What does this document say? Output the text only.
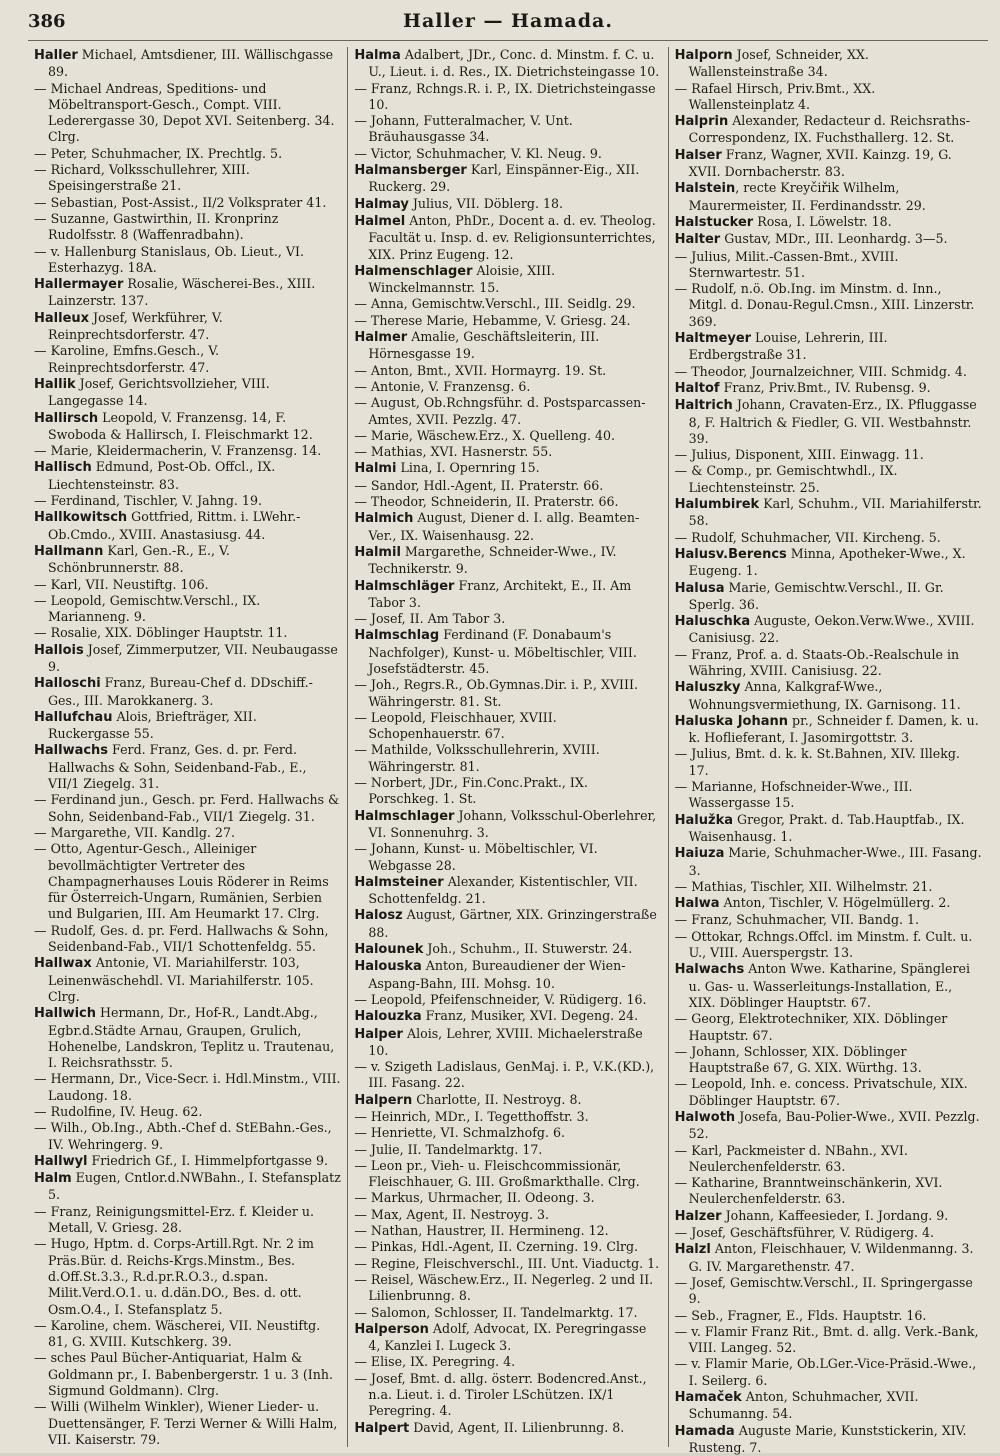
386	Haller — Hamada.
Haller Michael, Amtsdiener, III. Wällischgasse 89.
— Michael Andreas, Speditions- und Möbeltransport-Gesch., Compt. VIII. Lederergasse 30, Depot XVI. Seitenberg. 34. Clrg.
— Peter, Schuhmacher, IX. Prechtlg. 5.
— Richard, Volksschullehrer, XIII. Speisingerstraße 21.
— Sebastian, Post-Assist., II/2 Volksprater 41.
— Suzanne, Gastwirthin, II. Kronprinz Rudolfsstr. 8 (Waffenradbahn).
— v. Hallenburg Stanislaus, Ob. Lieut., VI. Esterhazyg. 18A.
Hallermayer Rosalie, Wäscherei-Bes., XIII. Lainzerstr. 137.
Halleux Josef, Werkführer, V. Reinprechtsdorferstr. 47.
— Karoline, Emfns.Gesch., V. Reinprechtsdorferstr. 47.
Hallik Josef, Gerichtsvollzieher, VIII. Langegasse 14.
Hallirsch Leopold, V. Franzensg. 14, F. Swoboda & Hallirsch, I. Fleischmarkt 12.
— Marie, Kleidermacherin, V. Franzensg. 14.
Hallisch Edmund, Post-Ob. Offcl., IX. Liechtensteinstr. 83.
— Ferdinand, Tischler, V. Jahng. 19.
Hallkowitsch Gottfried, Rittm. i. LWehr.-Ob.Cmdo., XVIII. Anastasiusg. 44.
Hallmann Karl, Gen.-R., E., V. Schönbrunnerstr. 88.
— Karl, VII. Neustiftg. 106.
— Leopold, Gemischtw.Verschl., IX. Marianneng. 9.
— Rosalie, XIX. Döblinger Hauptstr. 11.
Hallois Josef, Zimmerputzer, VII. Neubaugasse 9.
Halloschi Franz, Bureau-Chef d. DDschiff.-Ges., III. Marokkanerg. 3.
Hallufchau Alois, Briefträger, XII. Ruckergasse 55.
Hallwachs Ferd. Franz, Ges. d. pr. Ferd. Hallwachs & Sohn, Seidenband-Fab., E., VII/1 Ziegelg. 31.
— Ferdinand jun., Gesch. pr. Ferd. Hallwachs & Sohn, Seidenband-Fab., VII/1 Ziegelg. 31.
— Margarethe, VII. Kandlg. 27.
— Otto, Agentur-Gesch., Alleiniger bevollmächtigter Vertreter des Champagnerhauses Louis Röderer in Reims für Österreich-Ungarn, Rumänien, Serbien und Bulgarien, III. Am Heumarkt 17. Clrg.
— Rudolf, Ges. d. pr. Ferd. Hallwachs & Sohn, Seidenband-Fab., VII/1 Schottenfeldg. 55.
Hallwax Antonie, VI. Mariahilferstr. 103, Leinenwäschehdl. VI. Mariahilferstr. 105. Clrg.
Hallwich Hermann, Dr., Hof-R., Landt.Abg., Egbr.d.Städte Arnau, Graupen, Grulich, Hohenelbe, Landskron, Teplitz u. Trautenau, I. Reichsrathsstr. 5.
— Hermann, Dr., Vice-Secr. i. Hdl.Minstm., VIII. Laudong. 18.
— Rudolfine, IV. Heug. 62.
— Wilh., Ob.Ing., Abth.-Chef d. StEBahn.-Ges., IV. Wehringerg. 9.
Hallwyl Friedrich Gf., I. Himmelpfortgasse 9.
Halm Eugen, Cntlor.d.NWBahn., I. Stefansplatz 5.
— Franz, Reinigungsmittel-Erz. f. Kleider u. Metall, V. Griesg. 28.
— Hugo, Hptm. d. Corps-Artill.Rgt. Nr. 2 im Präs.Bür. d. Reichs-Krgs.Minstm., Bes. d.Off.St.3.3., R.d.pr.R.O.3., d.span. Milit.Verd.O.1. u. d.dän.DO., Bes. d. ott. Osm.O.4., I. Stefansplatz 5.
— Karoline, chem. Wäscherei, VII. Neustiftg. 81, G. XVIII. Kutschkerg. 39.
— sches Paul Bücher-Antiquariat, Halm & Goldmann pr., I. Babenbergerstr. 1 u. 3 (Inh. Sigmund Goldmann). Clrg.
— Willi (Wilhelm Winkler), Wiener Lieder- u. Duettensänger, F. Terzi Werner & Willi Halm, VII. Kaiserstr. 79.
Halma Adalbert, JDr., Conc. d. Minstm. f. C. u. U., Lieut. i. d. Res., IX. Dietrichsteingasse 10.
— Franz, Rchngs.R. i. P., IX. Dietrichsteingasse 10.
— Johann, Futteralmacher, V. Unt. Bräuhausgasse 34.
— Victor, Schuhmacher, V. Kl. Neug. 9.
Halmansberger Karl, Einspänner-Eig., XII. Ruckerg. 29.
Halmay Julius, VII. Döblerg. 18.
Halmel Anton, PhDr., Docent a. d. ev. Theolog. Facultät u. Insp. d. ev. Religionsunterrichtes, XIX. Prinz Eugeng. 12.
Halmenschlager Aloisie, XIII. Winckelmannstr. 15.
— Anna, Gemischtw.Verschl., III. Seidlg. 29.
— Therese Marie, Hebamme, V. Griesg. 24.
Halmer Amalie, Geschäftsleiterin, III. Hörnesgasse 19.
— Anton, Bmt., XVII. Hormayrg. 19. St.
— Antonie, V. Franzensg. 6.
— August, Ob.Rchngsführ. d. Postsparcassen-Amtes, XVII. Pezzlg. 47.
— Marie, Wäschew.Erz., X. Quelleng. 40.
— Mathias, XVI. Hasnerstr. 55.
Halmi Lina, I. Opernring 15.
— Sandor, Hdl.-Agent, II. Praterstr. 66.
— Theodor, Schneiderin, II. Praterstr. 66.
Halmich August, Diener d. I. allg. Beamten-Ver., IX. Waisenhausg. 22.
Halmil Margarethe, Schneider-Wwe., IV. Technikerstr. 9.
Halmschläger Franz, Architekt, E., II. Am Tabor 3.
— Josef, II. Am Tabor 3.
Halmschlag Ferdinand (F. Donabaum's Nachfolger), Kunst- u. Möbeltischler, VIII. Josefstädterstr. 45.
— Joh., Regrs.R., Ob.Gymnas.Dir. i. P., XVIII. Währingerstr. 81. St.
— Leopold, Fleischhauer, XVIII. Schopenhauerstr. 67.
— Mathilde, Volksschullehrerin, XVIII. Währingerstr. 81.
— Norbert, JDr., Fin.Conc.Prakt., IX. Porschkeg. 1. St.
Halmschlager Johann, Volksschul-Oberlehrer, VI. Sonnenuhrg. 3.
— Johann, Kunst- u. Möbeltischler, VI. Webgasse 28.
Halmsteiner Alexander, Kistentischler, VII. Schottenfeldg. 21.
Halosz August, Gärtner, XIX. Grinzingerstraße 88.
Halounek Joh., Schuhm., II. Stuwerstr. 24.
Halouska Anton, Bureaudiener der Wien-Aspang-Bahn, III. Mohsg. 10.
— Leopold, Pfeifenschneider, V. Rüdigerg. 16.
Halouzka Franz, Musiker, XVI. Degeng. 24.
Halper Alois, Lehrer, XVIII. Michaelerstraße 10.
— v. Szigeth Ladislaus, GenMaj. i. P., V.K.(KD.), III. Fasang. 22.
Halpern Charlotte, II. Nestroyg. 8.
— Heinrich, MDr., I. Tegetthoffstr. 3.
— Henriette, VI. Schmalzhofg. 6.
— Julie, II. Tandelmarktg. 17.
— Leon pr., Vieh- u. Fleischcommissionär, Fleischhauer, G. III. Großmarkthalle. Clrg.
— Markus, Uhrmacher, II. Odeong. 3.
— Max, Agent, II. Nestroyg. 3.
— Nathan, Haustrer, II. Hermineng. 12.
— Pinkas, Hdl.-Agent, II. Czerning. 19. Clrg.
— Regine, Fleischverschl., III. Unt. Viaductg. 1.
— Reisel, Wäschew.Erz., II. Negerleg. 2 und II. Lilienbrunng. 8.
— Salomon, Schlosser, II. Tandelmarktg. 17.
Halperson Adolf, Advocat, IX. Peregringasse 4, Kanzlei I. Lugeck 3.
— Elise, IX. Peregring. 4.
— Josef, Bmt. d. allg. österr. Bodencred.Anst., n.a. Lieut. i. d. Tiroler LSchützen. IX/1 Peregring. 4.
Halpert David, Agent, II. Lilienbrunng. 8.
Halporn Josef, Schneider, XX. Wallensteinstraße 34.
— Rafael Hirsch, Priv.Bmt., XX. Wallensteinplatz 4.
Halprin Alexander, Redacteur d. Reichsraths-Correspondenz, IX. Fuchsthallerg. 12. St.
Halser Franz, Wagner, XVII. Kainzg. 19, G. XVII. Dornbacherstr. 83.
Halstein, recte Kreyčiřik Wilhelm, Maurermeister, II. Ferdinandsstr. 29.
Halstucker Rosa, I. Löwelstr. 18.
Halter Gustav, MDr., III. Leonhardg. 3—5.
— Julius, Milit.-Cassen-Bmt., XVIII. Sternwartestr. 51.
— Rudolf, n.ö. Ob.Ing. im Minstm. d. Inn., Mitgl. d. Donau-Regul.Cmsn., XIII. Linzerstr. 369.
Haltmeyer Louise, Lehrerin, III. Erdbergstraße 31.
— Theodor, Journalzeichner, VIII. Schmidg. 4.
Haltof Franz, Priv.Bmt., IV. Rubensg. 9.
Haltrich Johann, Cravaten-Erz., IX. Pfluggasse 8, F. Haltrich & Fiedler, G. VII. Westbahnstr. 39.
— Julius, Disponent, XIII. Einwagg. 11.
— & Comp., pr. Gemischtwhdl., IX. Liechtensteinstr. 25.
Halumbirek Karl, Schuhm., VII. Mariahilferstr. 58.
— Rudolf, Schuhmacher, VII. Kircheng. 5.
Halusv.Berencs Minna, Apotheker-Wwe., X. Eugeng. 1.
Halusa Marie, Gemischtw.Verschl., II. Gr. Sperlg. 36.
Haluschka Auguste, Oekon.Verw.Wwe., XVIII. Canisiusg. 22.
— Franz, Prof. a. d. Staats-Ob.-Realschule in Währing, XVIII. Canisiusg. 22.
Haluszky Anna, Kalkgraf-Wwe., Wohnungsvermiethung, IX. Garnisong. 11.
Haluska Johann pr., Schneider f. Damen, k. u. k. Hoflieferant, I. Jasomirgottstr. 3.
— Julius, Bmt. d. k. k. St.Bahnen, XIV. Illekg. 17.
— Marianne, Hofschneider-Wwe., III. Wassergasse 15.
Halužka Gregor, Prakt. d. Tab.Hauptfab., IX. Waisenhausg. 1.
Haiuza Marie, Schuhmacher-Wwe., III. Fasang. 3.
— Mathias, Tischler, XII. Wilhelmstr. 21.
Halwa Anton, Tischler, V. Högelmüllerg. 2.
— Franz, Schuhmacher, VII. Bandg. 1.
— Ottokar, Rchngs.Offcl. im Minstm. f. Cult. u. U., VIII. Auerspergstr. 13.
Halwachs Anton Wwe. Katharine, Spänglerei u. Gas- u. Wasserleitungs-Installation, E., XIX. Döblinger Hauptstr. 67.
— Georg, Elektrotechniker, XIX. Döblinger Hauptstr. 67.
— Johann, Schlosser, XIX. Döblinger Hauptstraße 67, G. XIX. Würthg. 13.
— Leopold, Inh. e. concess. Privatschule, XIX. Döblinger Hauptstr. 67.
Halwoth Josefa, Bau-Polier-Wwe., XVII. Pezzlg. 52.
— Karl, Packmeister d. NBahn., XVI. Neulerchenfelderstr. 63.
— Katharine, Branntweinschänkerin, XVI. Neulerchenfelderstr. 63.
Halzer Johann, Kaffeesieder, I. Jordang. 9.
— Josef, Geschäftsführer, V. Rüdigerg. 4.
Halzl Anton, Fleischhauer, V. Wildenmanng. 3. G. IV. Margarethenstr. 47.
— Josef, Gemischtw.Verschl., II. Springergasse 9.
— Seb., Fragner, E., Flds. Hauptstr. 16.
— v. Flamir Franz Rit., Bmt. d. allg. Verk.-Bank, VIII. Langeg. 52.
— v. Flamir Marie, Ob.LGer.-Vice-Präsid.-Wwe., I. Seilerg. 6.
Hamaček Anton, Schuhmacher, XVII. Schumanng. 54.
Hamada Auguste Marie, Kunststickerin, XIV. Rusteng. 7.
